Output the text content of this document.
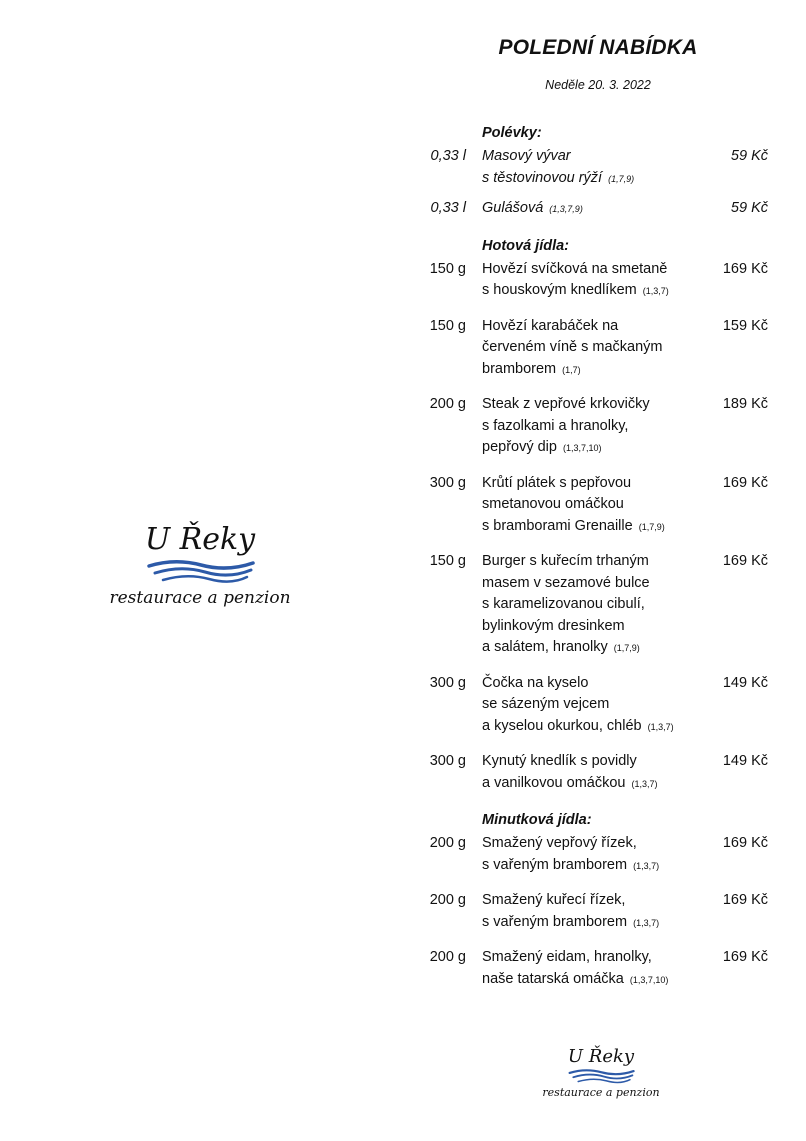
POLEDNÍ NABÍDKA
Neděle 20. 3. 2022
U Řeky
restaurace a penzion
Polévky:
0,33 l Masový vývar
s těstovinovou rýží (1,7,9)
59 Kč
0,33 l Gulášová (1,3,7,9)	59 Kč
Hotová jídla:
150 g Hovězí svíčková na smetaně
s houskovým knedlíkem (1,3,7)
169 Kč
150 g Hovězí karabáček na
červeném víně s mačkaným
bramborem (1,7)
159 Kč
200 g Steak z vepřové krkovičky
s fazolkami a hranolky,
pepřový dip (1,3,7,10)
189 Kč
300 g Krůtí plátek s pepřovou
smetanovou omáčkou
s bramborami Grenaille (1,7,9)
169 Kč
150 g Burger s kuřecím trhaným
masem v sezamové bulce
s karamelizovanou cibulí,
bylinkovým dresinkem
a salátem, hranolky (1,7,9)
169 Kč
300 g Čočka na kyselo
se sázeným vejcem
a kyselou okurkou, chléb (1,3,7)
149 Kč
300 g Kynutý knedlík s povidly
a vanilkovou omáčkou (1,3,7)
149 Kč
Minutková jídla:
200 g Smažený vepřový řízek,
s vařeným bramborem (1,3,7)
169 Kč
200 g Smažený kuřecí řízek,
s vařeným bramborem (1,3,7)
169 Kč
200 g Smažený eidam, hranolky,
naše tatarská omáčka (1,3,7,10)
169 Kč
U Řeky
restaurace a penzion
